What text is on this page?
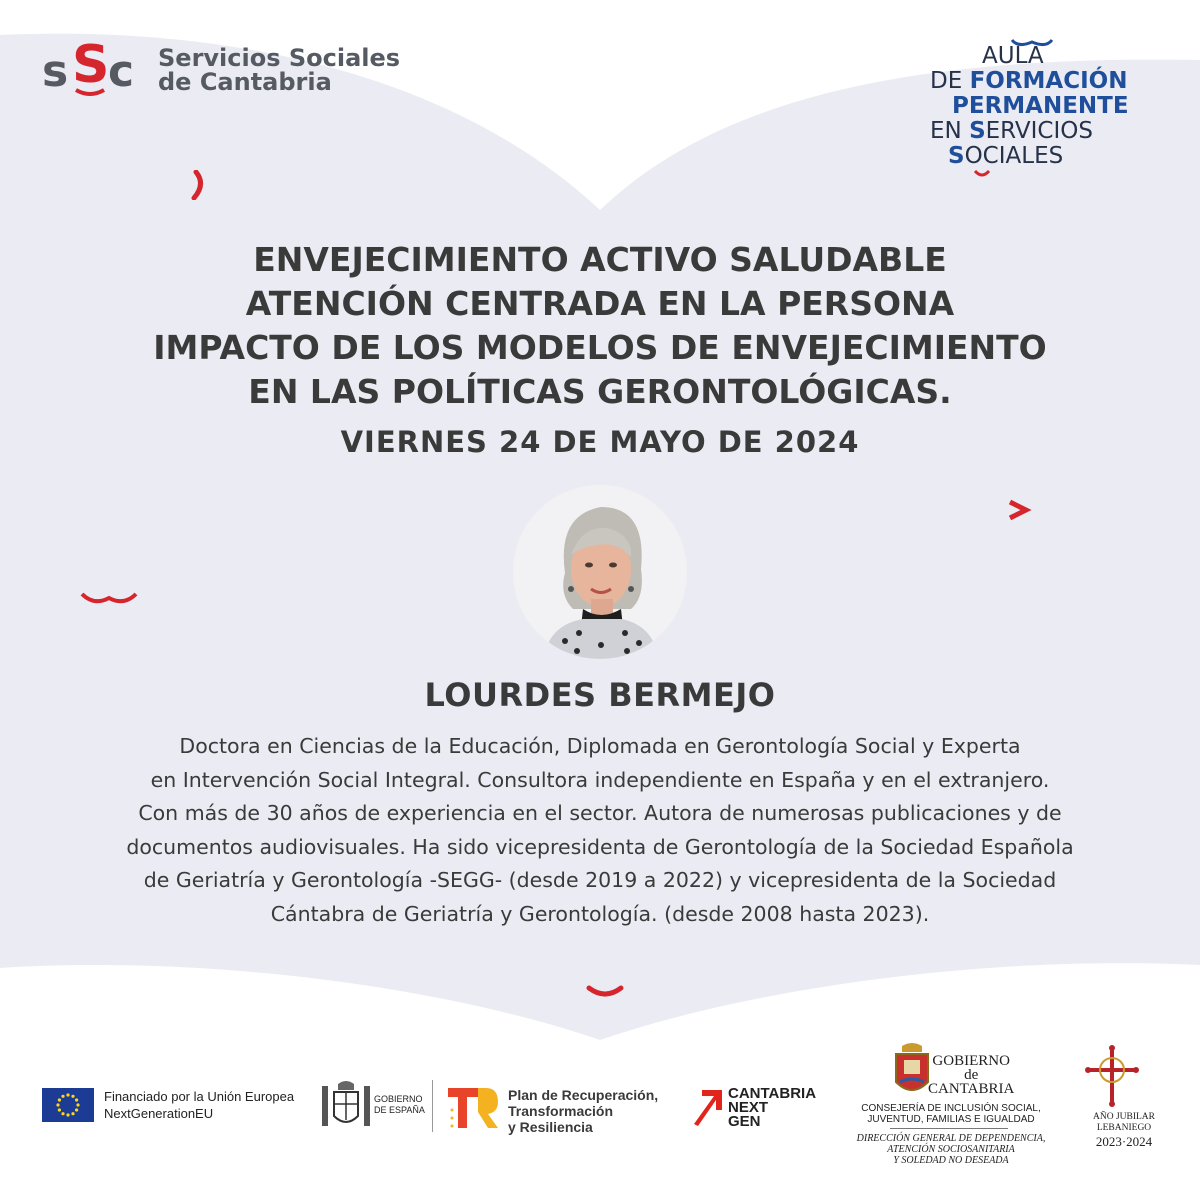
s S
c Servicios Sociales
de Cantabria
AULA
DE FORMACIÓN
PERMANENTE
EN SERVICIOS
SOCIALES
ENVEJECIMIENTO ACTIVO SALUDABLE
ATENCIÓN CENTRADA EN LA PERSONA
IMPACTO DE LOS MODELOS DE ENVEJECIMIENTO
EN LAS POLÍTICAS GERONTOLÓGICAS.
VIERNES 24 DE MAYO DE 2024
LOURDES BERMEJO
Doctora en Ciencias de la Educación, Diplomada en Gerontología Social y Experta
en Intervención Social Integral. Consultora independiente en España y en el extranjero.
Con más de 30 años de experiencia en el sector. Autora de numerosas publicaciones y de
documentos audiovisuales. Ha sido vicepresidenta de Gerontología de la Sociedad Española
de Geriatría y Gerontología -SEGG- (desde 2019 a 2022) y vicepresidenta de la Sociedad
Cántabra de Geriatría y Gerontología. (desde 2008 hasta 2023).
Financiado por la Unión Europea
NextGenerationEU
GOBIERNO
DE ESPAÑA
Plan de Recuperación,
Transformación
y Resiliencia
CANTABRIA
NEXT
GEN
GOBIERNO
de
CANTABRIA
CONSEJERÍA DE INCLUSIÓN SOCIAL,
JUVENTUD, FAMILIAS E IGUALDAD
DIRECCIÓN GENERAL DE DEPENDENCIA,
ATENCIÓN SOCIOSANITARIA
Y SOLEDAD NO DESEADA
AÑO JUBILAR
LEBANIEGO
2023·2024
